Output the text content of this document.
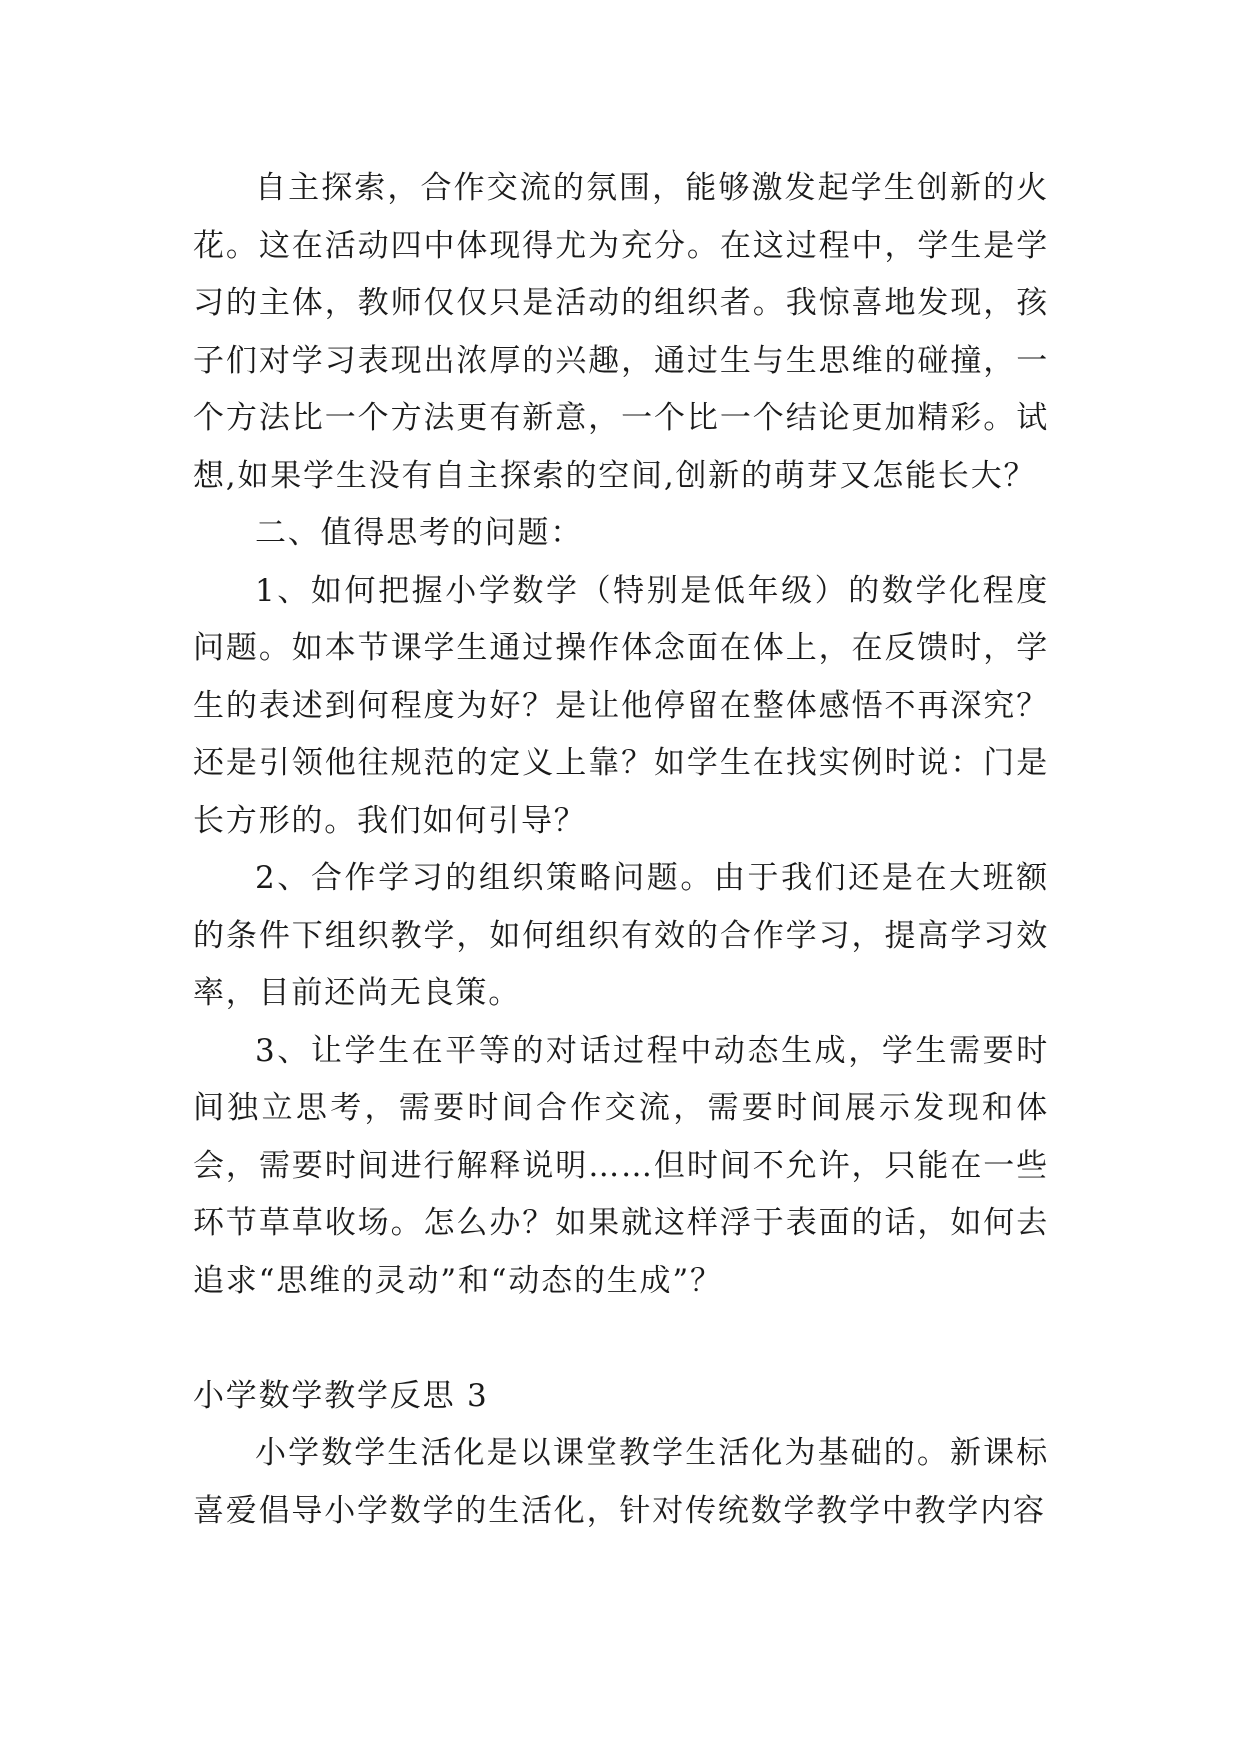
自主探索，合作交流的氛围，能够激发起学生创新的火花。这在活动四中体现得尤为充分。在这过程中，学生是学习的主体，教师仅仅只是活动的组织者。我惊喜地发现，孩子们对学习表现出浓厚的兴趣，通过生与生思维的碰撞，一个方法比一个方法更有新意，一个比一个结论更加精彩。试想,如果学生没有自主探索的空间,创新的萌芽又怎能长大？

二、值得思考的问题：

1、如何把握小学数学（特别是低年级）的数学化程度问题。如本节课学生通过操作体念面在体上，在反馈时，学生的表述到何程度为好？是让他停留在整体感悟不再深究？还是引领他往规范的定义上靠？如学生在找实例时说：门是长方形的。我们如何引导？

2、合作学习的组织策略问题。由于我们还是在大班额的条件下组织教学，如何组织有效的合作学习，提高学习效率，目前还尚无良策。

3、让学生在平等的对话过程中动态生成，学生需要时间独立思考，需要时间合作交流，需要时间展示发现和体会，需要时间进行解释说明……但时间不允许，只能在一些环节草草收场。怎么办？如果就这样浮于表面的话，如何去追求“思维的灵动”和“动态的生成”？

小学数学教学反思 3

小学数学生活化是以课堂教学生活化为基础的。新课标喜爱倡导小学数学的生活化，针对传统数学教学中教学内容
